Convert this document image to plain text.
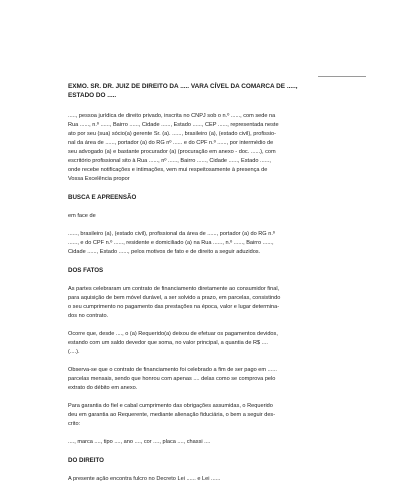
EXMO. SR. DR. JUIZ DE DIREITO DA ..... VARA CÍVEL DA COMARCA DE .....,
ESTADO DO .....

....., pessoa jurídica de direito privado, inscrita no CNPJ sob o n.º ......, com sede na
Rua ......, n.º ......, Bairro ......, Cidade ......, Estado ......, CEP ......, representada neste
ato por seu (sua) sócio(a) gerente Sr. (a). ......, brasileiro (a), (estado civil), profissio-
nal da área de ......, portador (a) do RG nº ...... e do CPF n.º ......, por intermédio de
seu advogado (a) e bastante procurador (a) (procuração em anexo - doc. ......), com
escritório profissional sito à Rua ......, nº ......, Bairro ......, Cidade ......, Estado ......,
onde recebe notificações e intimações, vem mui respeitosamente à presença de
Vossa Excelência propor

BUSCA E APREENSÃO

em face de

......, brasileiro (a), (estado civil), profissional da área de ......, portador (a) do RG n.º
......, e do CPF n.º ......, residente e domiciliado (a) na Rua ......, n.º ......, Bairro ......,
Cidade ......, Estado ......, pelos motivos de fato e de direito a seguir aduzidos.

DOS FATOS

As partes celebraram um contrato de financiamento diretamente ao consumidor final,
para aquisição de bem móvel durável, a ser solvido a prazo, em parcelas, consistindo
o seu cumprimento no pagamento das prestações na época, valor e lugar determina-
dos no contrato.

Ocorre que, desde ...., o (a) Requerido(a) deixou de efetuar os pagamentos devidos,
estando com um saldo devedor que soma, no valor principal, a quantia de R$ ....
(....).

Observa-se que o contrato de financiamento foi celebrado a fim de ser pago em ......
parcelas mensais, sendo que honrou com apenas .... delas como se comprova pelo
extrato do débito em anexo.

Para garantia do fiel e cabal cumprimento das obrigações assumidas, o Requerido
deu em garantia ao Requerente, mediante alienação fiduciária, o bem a seguir des-
crito:

...., marca ...., tipo ...., ano ...., cor ...., placa ...., chassi ....

DO DIREITO

A presente ação encontra fulcro no Decreto Lei ...... e Lei ......
